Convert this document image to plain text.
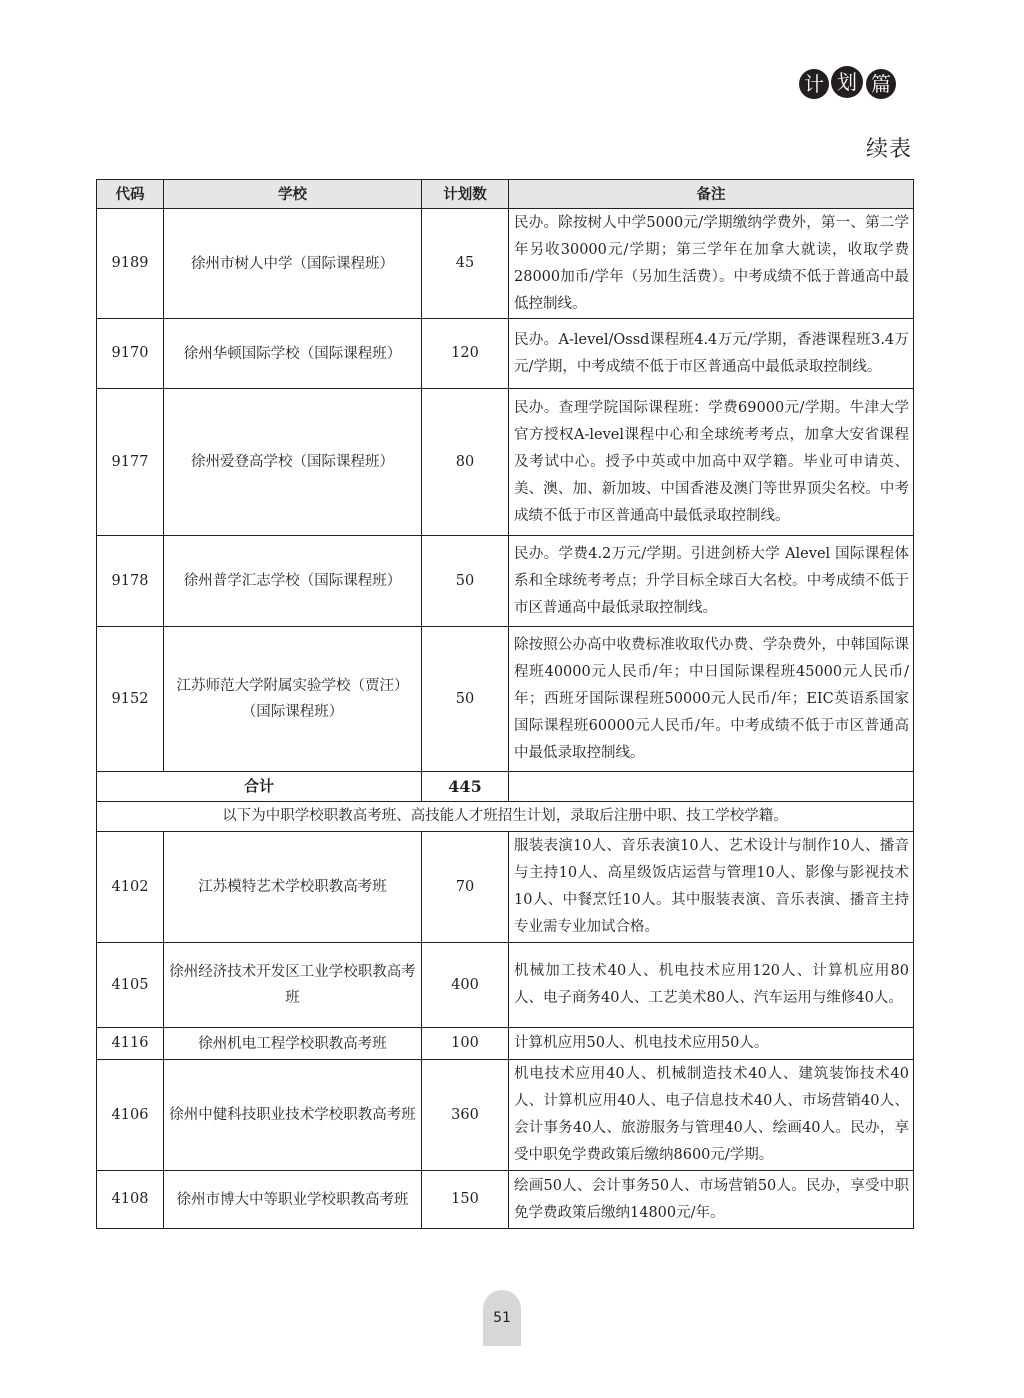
计 划 篇
续表
代码	学校	计划数	备注
9189	徐州市树人中学（国际课程班）	45	民办。除按树人中学5000元/学期缴纳学费外，第一、第二学年另收30000元/学期；第三学年在加拿大就读，收取学费28000加币/学年（另加生活费）。中考成绩不低于普通高中最低控制线。
9170	徐州华顿国际学校（国际课程班）	120	民办。A-level/Ossd课程班4.4万元/学期，香港课程班3.4万元/学期，中考成绩不低于市区普通高中最低录取控制线。
9177	徐州爱登高学校（国际课程班）	80	民办。查理学院国际课程班：学费69000元/学期。牛津大学官方授权A-level课程中心和全球统考考点，加拿大安省课程及考试中心。授予中英或中加高中双学籍。毕业可申请英、美、澳、加、新加坡、中国香港及澳门等世界顶尖名校。中考成绩不低于市区普通高中最低录取控制线。
9178	徐州普学汇志学校（国际课程班）	50	民办。学费4.2万元/学期。引进剑桥大学 Alevel 国际课程体系和全球统考考点；升学目标全球百大名校。中考成绩不低于市区普通高中最低录取控制线。
9152	江苏师范大学附属实验学校（贾汪）（国际课程班）	50	除按照公办高中收费标准收取代办费、学杂费外，中韩国际课程班40000元人民币/年；中日国际课程班45000元人民币/年；西班牙国际课程班50000元人民币/年；EIC英语系国家国际课程班60000元人民币/年。中考成绩不低于市区普通高中最低录取控制线。
合计		445	
以下为中职学校职教高考班、高技能人才班招生计划，录取后注册中职、技工学校学籍。			
4102	江苏模特艺术学校职教高考班	70	服装表演10人、音乐表演10人、艺术设计与制作10人、播音与主持10人、高星级饭店运营与管理10人、影像与影视技术10人、中餐烹饪10人。其中服装表演、音乐表演、播音主持专业需专业加试合格。
4105	徐州经济技术开发区工业学校职教高考班	400	机械加工技术40人、机电技术应用120人、计算机应用80人、电子商务40人、工艺美术80人、汽车运用与维修40人。
4116	徐州机电工程学校职教高考班	100	计算机应用50人、机电技术应用50人。
4106	徐州中健科技职业技术学校职教高考班	360	机电技术应用40人、机械制造技术40人、建筑装饰技术40人、计算机应用40人、电子信息技术40人、市场营销40人、会计事务40人、旅游服务与管理40人、绘画40人。民办，享受中职免学费政策后缴纳8600元/学期。
4108	徐州市博大中等职业学校职教高考班	150	绘画50人、会计事务50人、市场营销50人。民办，享受中职免学费政策后缴纳14800元/年。
51
